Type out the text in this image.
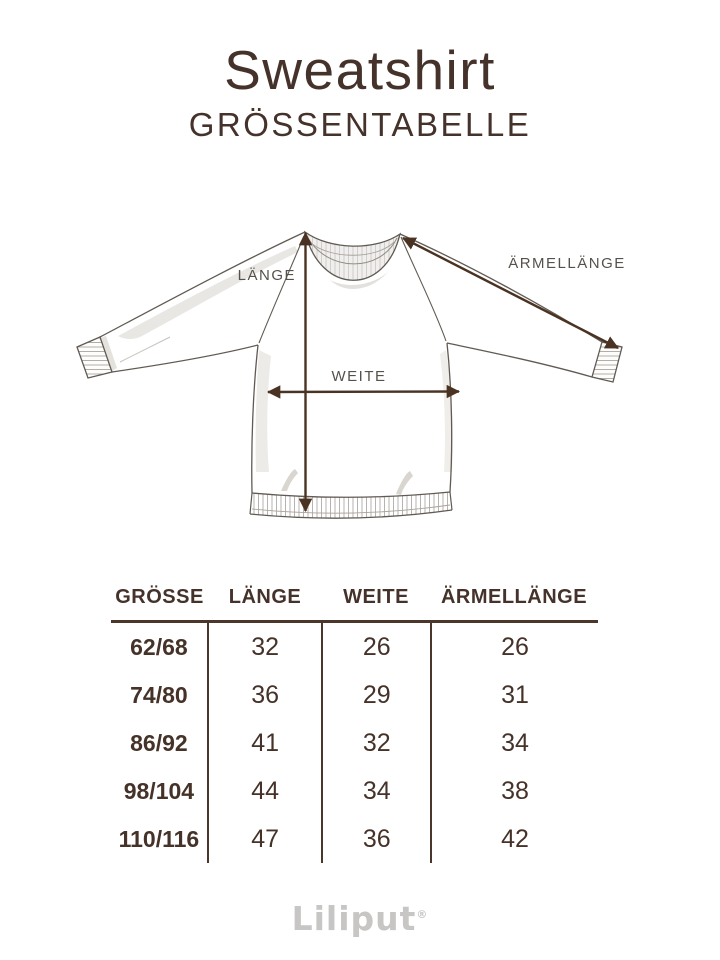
Sweatshirt
GRÖSSENTABELLE
LÄNGE
WEITE
ÄRMELLÄNGE
GRÖSSE	LÄNGE	WEITE	ÄRMELLÄNGE
62/68	32	26	26
74/80	36	29	31
86/92	41	32	34
98/104	44	34	38
110/116	47	36	42
Liliput®
